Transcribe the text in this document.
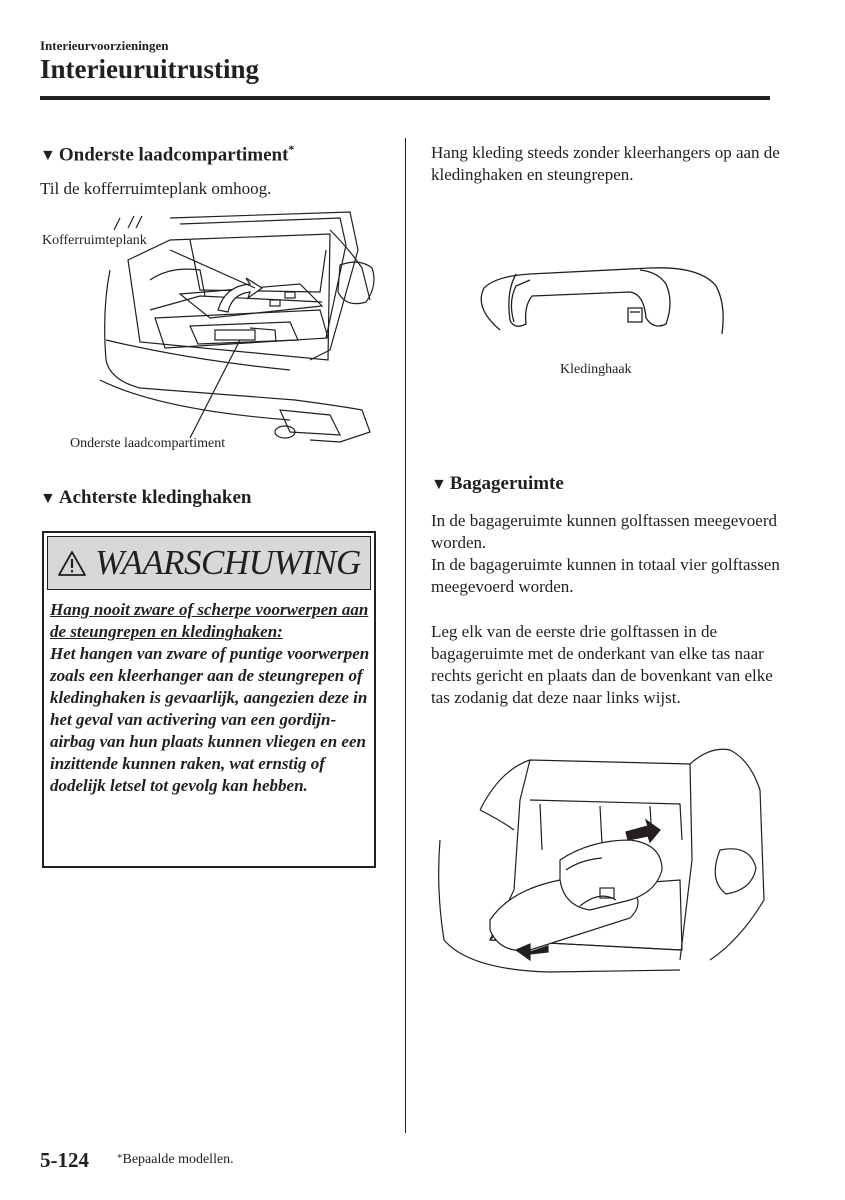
Interieurvoorzieningen
Interieuruitrusting
▼ Onderste laadcompartiment*
Til de kofferruimteplank omhoog.
Kofferruimteplank
Onderste laadcompartiment
▼ Achterste kledinghaken
WAARSCHUWING
Hang nooit zware of scherpe voorwerpen aan de steungrepen en kledinghaken:
Het hangen van zware of puntige voorwerpen zoals een kleerhanger aan de steungrepen of kledinghaken is gevaarlijk, aangezien deze in het geval van activering van een gordijn-airbag van hun plaats kunnen vliegen en een inzittende kunnen raken, wat ernstig of dodelijk letsel tot gevolg kan hebben.
Hang kleding steeds zonder kleerhangers op aan de kledinghaken en steungrepen.
Kledinghaak
▼ Bagageruimte
In de bagageruimte kunnen golftassen meegevoerd worden.
In de bagageruimte kunnen in totaal vier golftassen meegevoerd worden.
Leg elk van de eerste drie golftassen in de bagageruimte met de onderkant van elke tas naar rechts gericht en plaats dan de bovenkant van elke tas zodanig dat deze naar links wijst.
5-124	*Bepaalde modellen.
